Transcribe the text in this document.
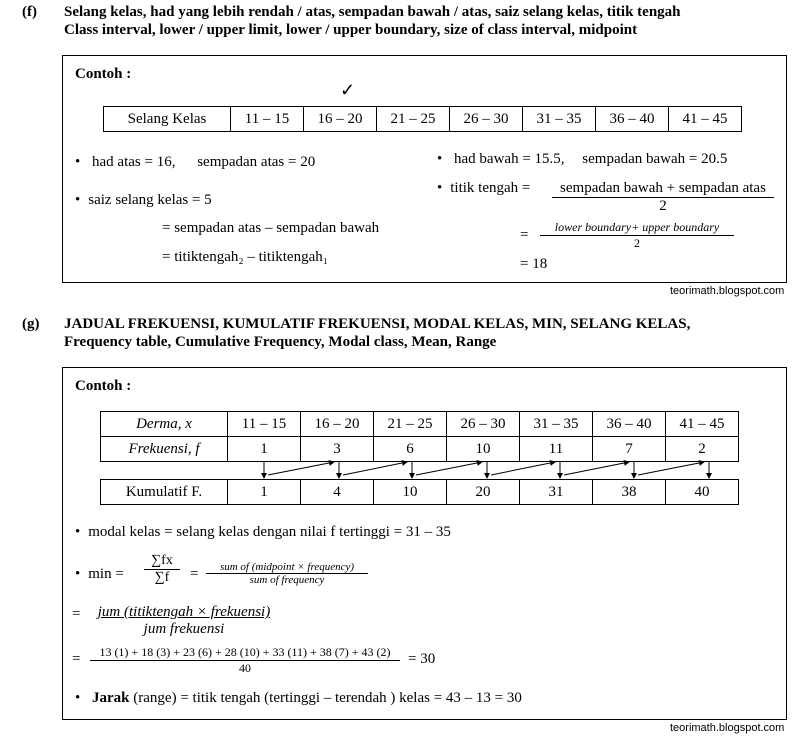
(f) Selang kelas, had yang lebih rendah / atas, sempadan bawah / atas, saiz selang kelas, titik tengah
Class interval, lower / upper limit, lower / upper boundary, size of class interval, midpoint
Contoh :
✓
Selang Kelas	11 – 15	16 – 20	21 – 25	26 – 30	31 – 35	36 – 40	41 – 45
• had atas = 16, sempadan atas = 20	• had bawah = 15.5, sempadan bawah = 20.5
• saiz selang kelas = 5
= sempadan atas – sempadan bawah
= titiktengah₂ – titiktengah₁
• titik tengah =	sempadan bawah + sempadan atas
2
=	lower boundary+ upper boundary
2
= 18
teorimath.blogspot.com
(g) JADUAL FREKUENSI, KUMULATIF FREKUENSI, MODAL KELAS, MIN, SELANG KELAS,
Frequency table, Cumulative Frequency, Modal class, Mean, Range
Contoh :
Derma, x	11 – 15	16 – 20	21 – 25	26 – 30	31 – 35	36 – 40	41 – 45
Frekuensi, f	1	3	6	10	11	7	2
Kumulatif F.	1	4	10	20	31	38	40
• modal kelas = selang kelas dengan nilai f tertinggi = 31 – 35
• $\min = \frac{\sum fx}{\sum f}$ =	sum of (midpoint × frequency)
sum of frequency
=	jum (titiktengah × frekuensi)
jum frekuensi
=	13 (1) + 18 (3) + 23 (6) + 28 (10) + 33 (11) + 38 (7) + 43 (2)
40
= 30
• Jarak (range) = titik tengah (tertinggi – terendah ) kelas = 43 – 13 = 30
teorimath.blogspot.com
